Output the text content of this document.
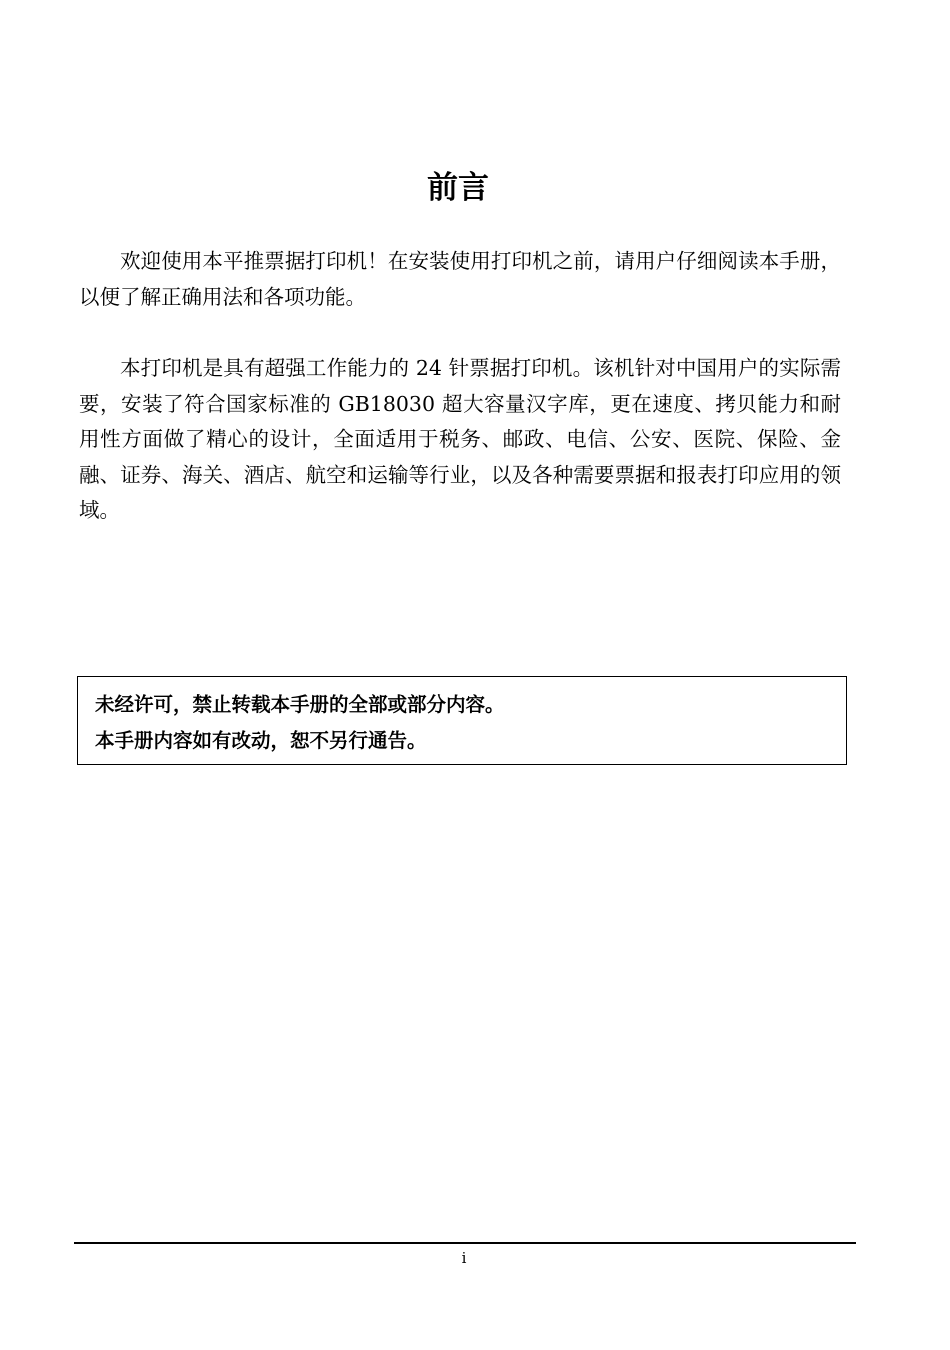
前言

欢迎使用本平推票据打印机！在安装使用打印机之前，请用户仔细阅读本手册，以便了解正确用法和各项功能。

本打印机是具有超强工作能力的 24 针票据打印机。该机针对中国用户的实际需要，安装了符合国家标准的 GB18030 超大容量汉字库，更在速度、拷贝能力和耐用性方面做了精心的设计，全面适用于税务、邮政、电信、公安、医院、保险、金融、证券、海关、酒店、航空和运输等行业，以及各种需要票据和报表打印应用的领域。

未经许可，禁止转载本手册的全部或部分内容。
本手册内容如有改动，恕不另行通告。
i
